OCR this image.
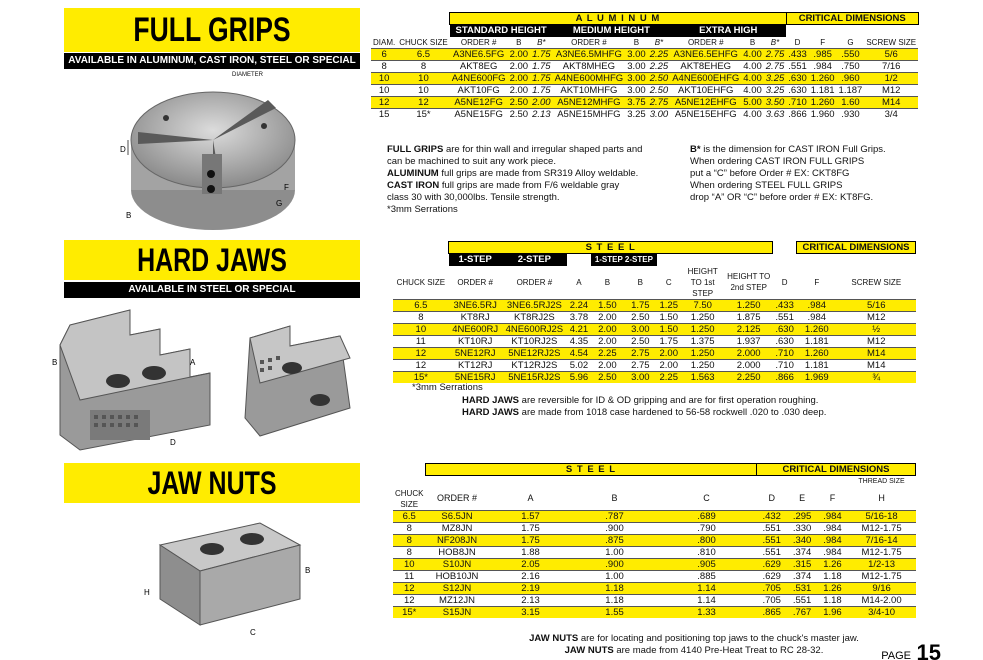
FULL GRIPS
AVAILABLE IN ALUMINUM, CAST IRON, STEEL OR SPECIAL
D
F
G
B
DIAMETER
		A L U M I N U M									CRITICAL DIMENSIONS			
		STANDARD HEIGHT			MEDIUM HEIGHT			EXTRA HIGH						
DIAM.	CHUCK SIZE	ORDER #	B	B*	ORDER #	B	B*	ORDER #	B	B*	D	F	G	SCREW SIZE
6	6.5	A3NE6.5FG	2.00	1.75	A3NE6.5MHFG	3.00	2.25	A3NE6.5EHFG	4.00	2.75	.433	.985	.550	5/6
8	8	AKT8EG	2.00	1.75	AKT8MHEG	3.00	2.25	AKT8EHEG	4.00	2.75	.551	.984	.750	7/16
10	10	A4NE600FG	2.00	1.75	A4NE600MHFG	3.00	2.50	A4NE600EHFG	4.00	3.25	.630	1.260	.960	1/2
10	10	AKT10FG	2.00	1.75	AKT10MHFG	3.00	2.50	AKT10EHFG	4.00	3.25	.630	1.181	1.187	M12
12	12	A5NE12FG	2.50	2.00	A5NE12MHFG	3.75	2.75	A5NE12EHFG	5.00	3.50	.710	1.260	1.60	M14
15	15*	A5NE15FG	2.50	2.13	A5NE15MHFG	3.25	3.00	A5NE15EHFG	4.00	3.63	.866	1.960	.930	3/4
FULL GRIPS are for thin wall and irregular shaped parts and
can be machined to suit any work piece.
ALUMINUM full grips are made from SR319 Alloy weldable.
CAST IRON full grips are made from F/6 weldable gray
class 30 with 30,000lbs. Tensile strength.
*3mm Serrations
B* is the dimension for CAST IRON Full Grips.
When ordering CAST IRON FULL GRIPS
put a “C” before Order # EX: CKT8FG
When ordering STEEL FULL GRIPS
drop “A” OR “C” before order # EX: KT8FG.
HARD JAWS
AVAILABLE IN STEEL OR SPECIAL
B
D
A
	S T E E L									CRITICAL DIMENSIONS	
	1-STEP	2-STEP		1-STEP 2-STEP							
CHUCK SIZE	ORDER #	ORDER #	A	B	B	C	HEIGHT TO 1st STEP	HEIGHT TO 2nd STEP	D	F	SCREW SIZE
6.5	3NE6.5RJ	3NE6.5RJ2S	2.24	1.50	1.75	1.25	7.50	1.250	.433	.984	5/16
8	KT8RJ	KT8RJ2S	3.78	2.00	2.50	1.50	1.250	1.875	.551	.984	M12
10	4NE600RJ	4NE600RJ2S	4.21	2.00	3.00	1.50	1.250	2.125	.630	1.260	½
11	KT10RJ	KT10RJ2S	4.35	2.00	2.50	1.75	1.375	1.937	.630	1.181	M12
12	5NE12RJ	5NE12RJ2S	4.54	2.25	2.75	2.00	1.250	2.000	.710	1.260	M14
12	KT12RJ	KT12RJ2S	5.02	2.00	2.75	2.00	1.250	2.000	.710	1.181	M14
15*	5NE15RJ	5NE15RJ2S	5.96	2.50	3.00	2.25	1.563	2.250	.866	1.969	¾
*3mm Serrations
HARD JAWS are reversible for ID & OD gripping and are for first operation roughing.
HARD JAWS are made from 1018 case hardened to 56-58 rockwell .020 to .030 deep.
JAW NUTS
H
B
C
	S T E E L				CRITICAL DIMENSIONS			
								THREAD SIZE
CHUCK SIZE	ORDER #	A	B	C	D	E	F	H
6.5	S6.5JN	1.57	.787	.689	.432	.295	.984	5/16-18
8	MZ8JN	1.75	.900	.790	.551	.330	.984	M12-1.75
8	NF208JN	1.75	.875	.800	.551	.340	.984	7/16-14
8	HOB8JN	1.88	1.00	.810	.551	.374	.984	M12-1.75
10	S10JN	2.05	.900	.905	.629	.315	1.26	1/2-13
11	HOB10JN	2.16	1.00	.885	.629	.374	1.18	M12-1.75
12	S12JN	2.19	1.18	1.14	.705	.531	1.26	9/16
12	MZ12JN	2.13	1.18	1.14	.705	.551	1.18	M14-2.00
15*	S15JN	3.15	1.55	1.33	.865	.767	1.96	3/4-10
JAW NUTS are for locating and positioning top jaws to the chuck's master jaw.
JAW NUTS are made from 4140 Pre-Heat Treat to RC 28-32.	PAGE 15
